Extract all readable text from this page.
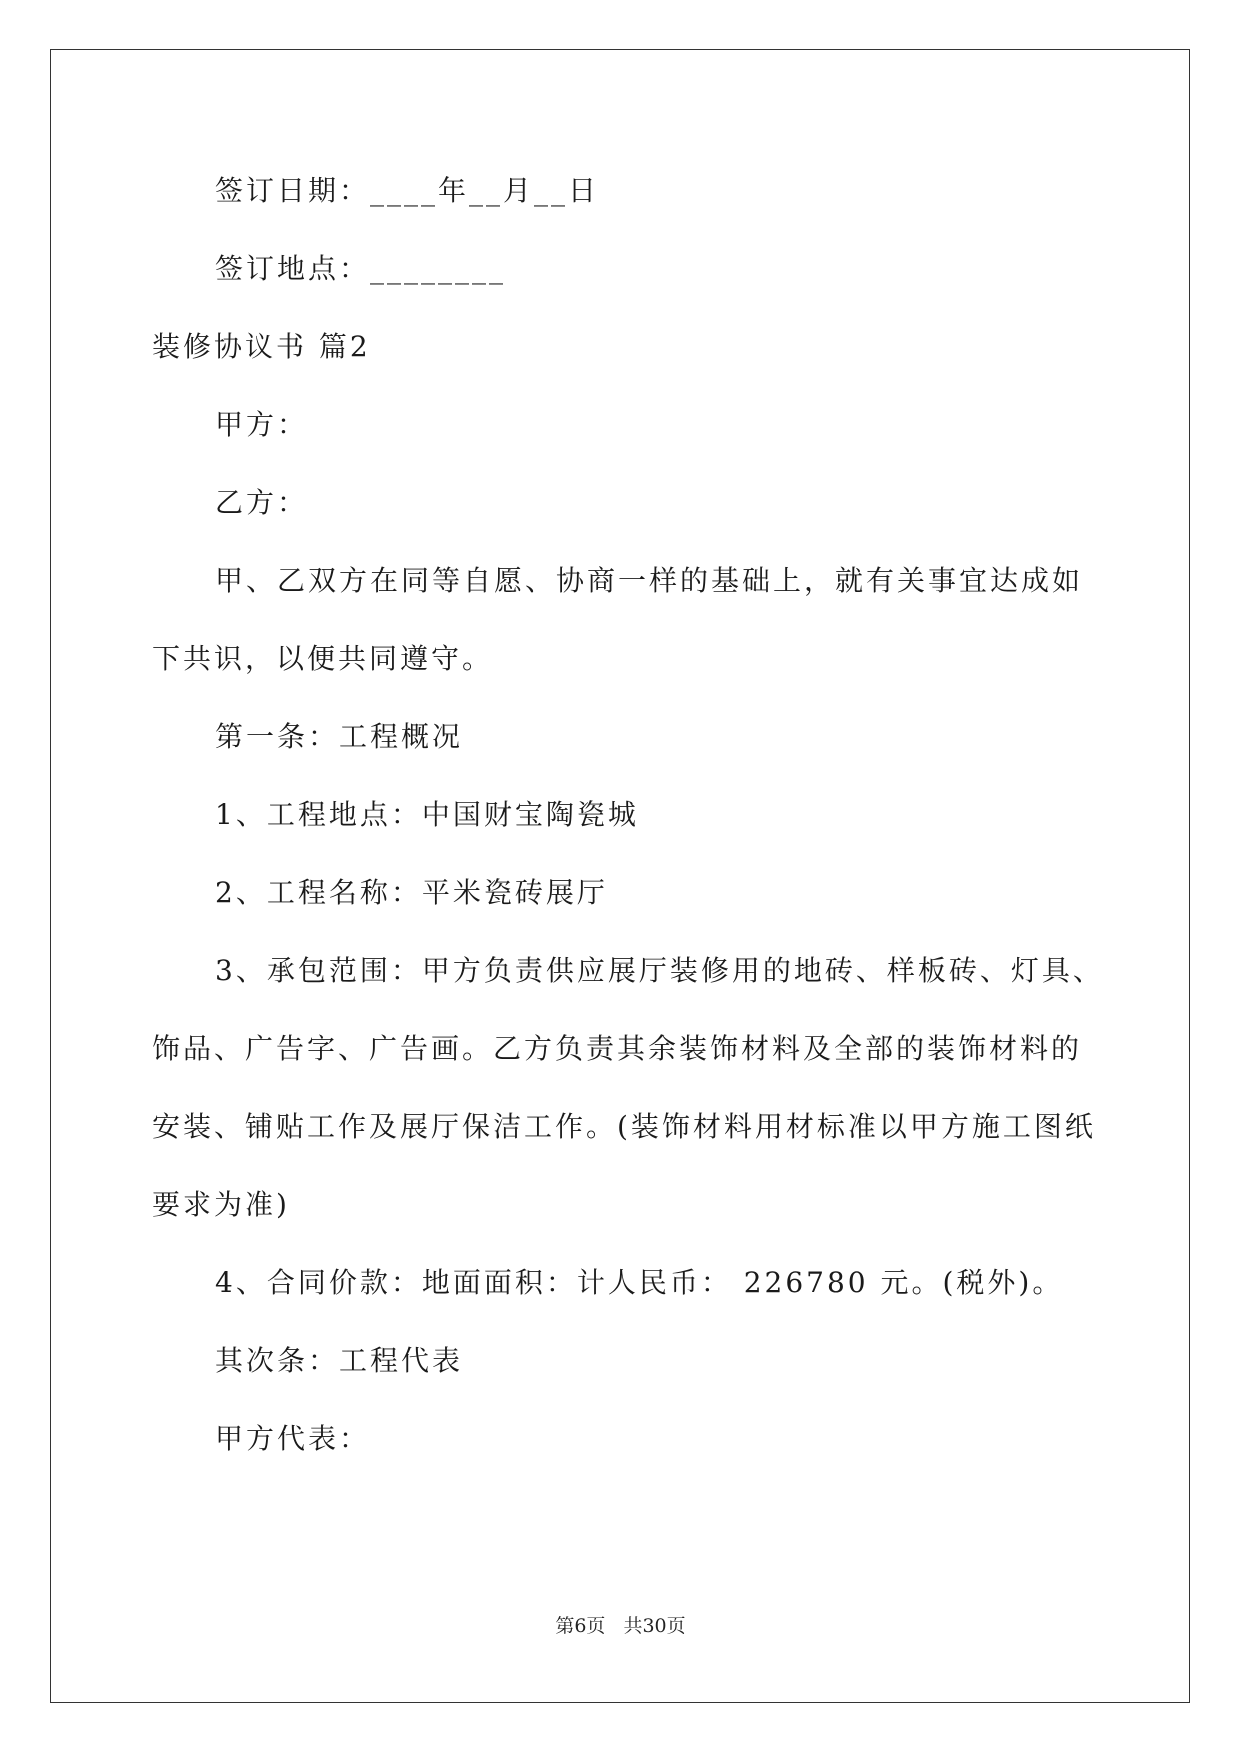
签订日期：____年__月__日
签订地点：________
装修协议书 篇2
甲方：
乙方：
甲、乙双方在同等自愿、协商一样的基础上，就有关事宜达成如
下共识，以便共同遵守。
第一条：工程概况
1、工程地点：中国财宝陶瓷城
2、工程名称：平米瓷砖展厅
3、承包范围：甲方负责供应展厅装修用的地砖、样板砖、灯具、
饰品、广告字、广告画。乙方负责其余装饰材料及全部的装饰材料的
安装、铺贴工作及展厅保洁工作。(装饰材料用材标准以甲方施工图纸
要求为准)
4、合同价款：地面面积：计人民币： 226780 元。(税外)。
其次条：工程代表
甲方代表：
第6页 共30页
